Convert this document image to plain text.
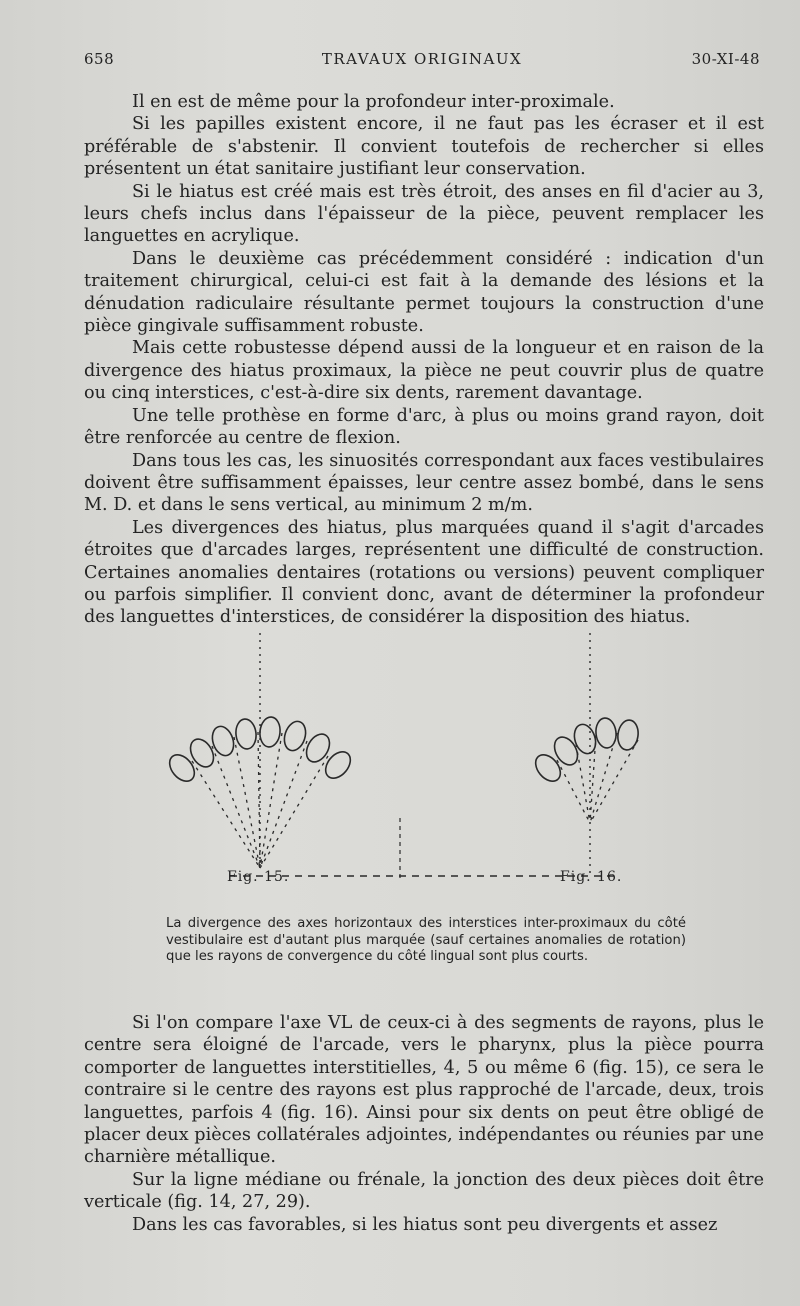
658	TRAVAUX ORIGINAUX	30-XI-48

Il en est de même pour la profondeur inter-proximale.

Si les papilles existent encore, il ne faut pas les écraser et il est préférable de s'abstenir. Il convient toutefois de rechercher si elles présentent un état sanitaire justifiant leur conservation.

Si le hiatus est créé mais est très étroit, des anses en fil d'acier au 3, leurs chefs inclus dans l'épaisseur de la pièce, peuvent remplacer les languettes en acrylique.

Dans le deuxième cas précédemment considéré : indication d'un traitement chirurgical, celui-ci est fait à la demande des lésions et la dénudation radiculaire résultante permet toujours la construction d'une pièce gingivale suffisamment robuste.

Mais cette robustesse dépend aussi de la longueur et en raison de la divergence des hiatus proximaux, la pièce ne peut couvrir plus de quatre ou cinq interstices, c'est-à-dire six dents, rarement davantage.

Une telle prothèse en forme d'arc, à plus ou moins grand rayon, doit être renforcée au centre de flexion.

Dans tous les cas, les sinuosités correspondant aux faces vestibulaires doivent être suffisamment épaisses, leur centre assez bombé, dans le sens M. D. et dans le sens vertical, au minimum 2 m/m.

Les divergences des hiatus, plus marquées quand il s'agit d'arcades étroites que d'arcades larges, représentent une difficulté de construction. Certaines anomalies dentaires (rotations ou versions) peuvent compliquer ou parfois simplifier. Il convient donc, avant de déterminer la profondeur des languettes d'interstices, de considérer la disposition des hiatus.

Fig. 15.	Fig. 16.

La divergence des axes horizontaux des interstices inter-proximaux du côté vestibulaire est d'autant plus marquée (sauf certaines anomalies de rotation) que les rayons de convergence du côté lingual sont plus courts.

Si l'on compare l'axe VL de ceux-ci à des segments de rayons, plus le centre sera éloigné de l'arcade, vers le pharynx, plus la pièce pourra comporter de languettes interstitielles, 4, 5 ou même 6 (fig. 15), ce sera le contraire si le centre des rayons est plus rapproché de l'arcade, deux, trois languettes, parfois 4 (fig. 16). Ainsi pour six dents on peut être obligé de placer deux pièces collatérales adjointes, indépendantes ou réunies par une charnière métallique.

Sur la ligne médiane ou frénale, la jonction des deux pièces doit être verticale (fig. 14, 27, 29).

Dans les cas favorables, si les hiatus sont peu divergents et assez
